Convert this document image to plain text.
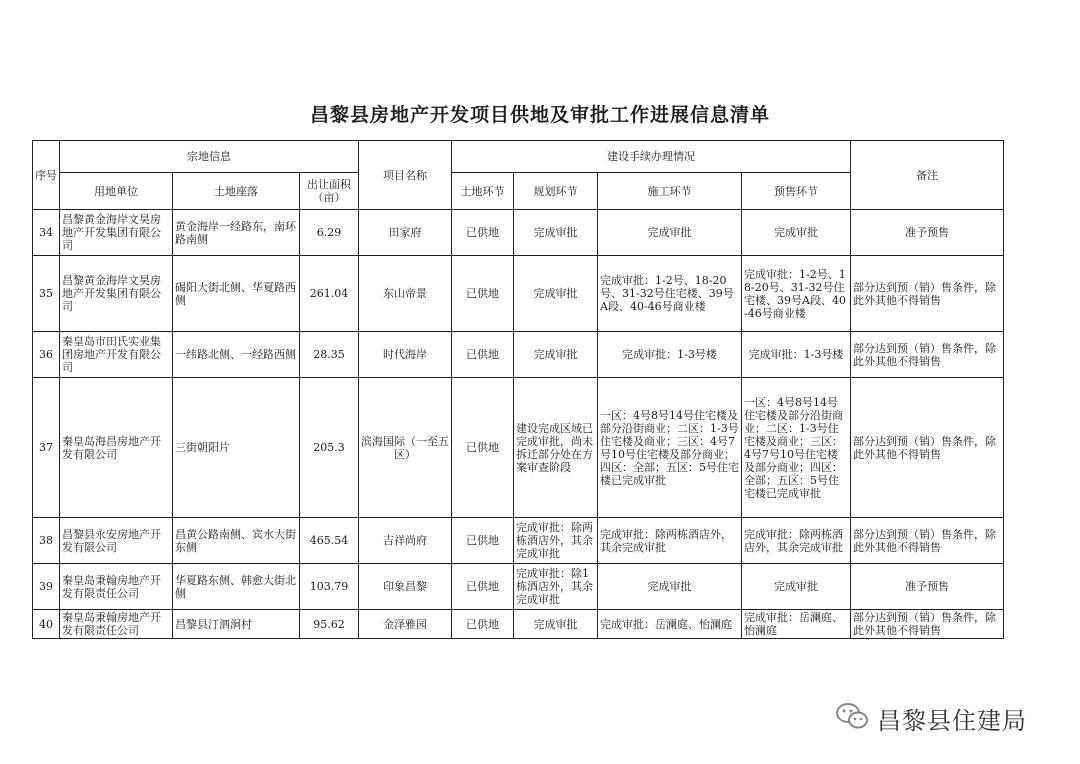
昌黎县房地产开发项目供地及审批工作进展信息清单
序号	宗地信息			项目名称	建设手续办理情况				备注
	用地单位	土地座落	出让面积（亩）		土地环节	规划环节	施工环节	预售环节	
34	昌黎黄金海岸文昊房地产开发集团有限公司	黄金海岸一经路东，南环路南侧	6.29	田家府	已供地	完成审批	完成审批	完成审批	准予预售
35	昌黎黄金海岸文昊房地产开发集团有限公司	碣阳大街北侧、华夏路西侧	261.04	东山帝景	已供地	完成审批	完成审批：1-2号、18-20号、31-32号住宅楼、39号A段、40-46号商业楼	完成审批：1-2号、18-20号、31-32号住宅楼、39号A段、40-46号商业楼	部分达到预（销）售条件，除此外其他不得销售
36	秦皇岛市田氏实业集团房地产开发有限公司	一纬路北侧、一经路西侧	28.35	时代海岸	已供地	完成审批	完成审批：1-3号楼	完成审批：1-3号楼	部分达到预（销）售条件，除此外其他不得销售
37	秦皇岛海昌房地产开发有限公司	三街朝阳片	205.3	滨海国际（一至五区）	已供地	建设完成区域已完成审批，尚未拆迁部分处在方案审查阶段	一区：4号8号14号住宅楼及部分沿街商业；二区：1-3号住宅楼及商业；三区：4号7号10号住宅楼及部分商业；四区：全部；五区：5号住宅楼已完成审批	一区：4号8号14号住宅楼及部分沿街商业；二区：1-3号住宅楼及商业；三区：4号7号10号住宅楼及部分商业；四区：全部；五区：5号住宅楼已完成审批	部分达到预（销）售条件，除此外其他不得销售
38	昌黎县永安房地产开发有限公司	昌黄公路南侧、宾水大街东侧	465.54	吉祥尚府	已供地	完成审批：除两栋酒店外，其余完成审批	完成审批：除两栋酒店外，其余完成审批	完成审批：除两栋酒店外，其余完成审批	部分达到预（销）售条件，除此外其他不得销售
39	秦皇岛秉翰房地产开发有限责任公司	华夏路东侧、韩愈大街北侧	103.79	印象昌黎	已供地	完成审批：除1栋酒店外，其余完成审批	完成审批	完成审批	准予预售
40	秦皇岛秉翰房地产开发有限责任公司	昌黎县汀泗涧村	95.62	金泽雅园	已供地	完成审批	完成审批：岳澜庭、怡澜庭	完成审批：岳澜庭、怡澜庭	部分达到预（销）售条件，除此外其他不得销售
昌黎县住建局
